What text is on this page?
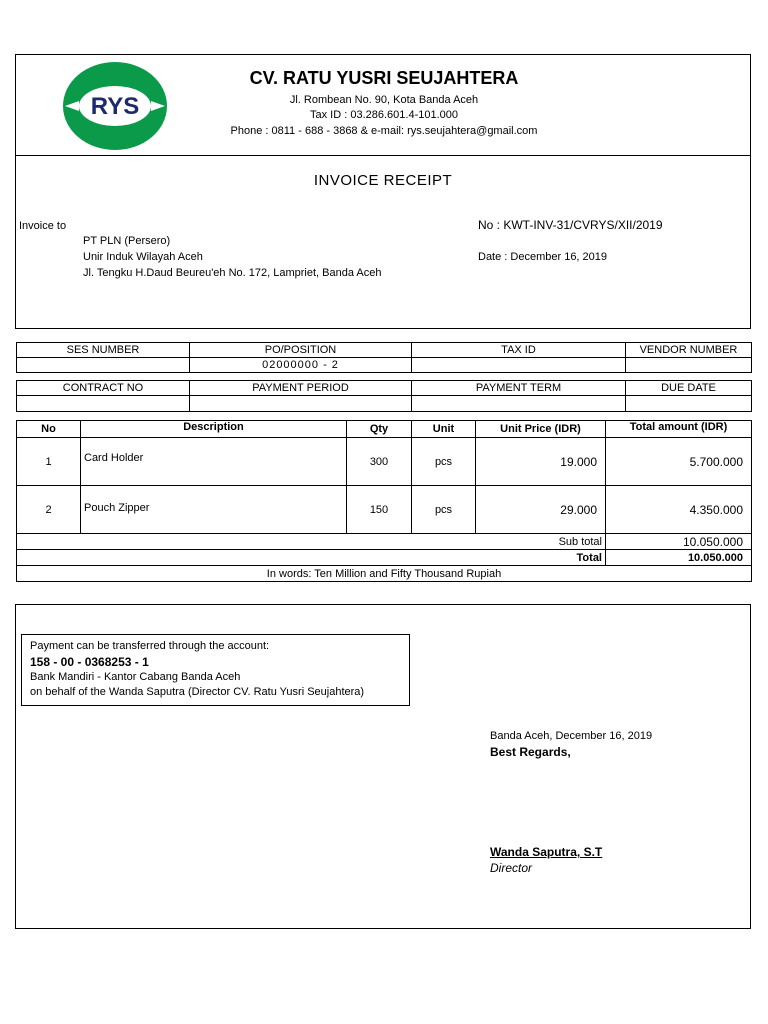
RYS
CV. RATU YUSRI SEUJAHTERA
Jl. Rombean No. 90, Kota Banda Aceh
Tax ID : 03.286.601.4-101.000
Phone : 0811 - 688 - 3868 & e-mail: rys.seujahtera@gmail.com
INVOICE RECEIPT
Invoice to
PT PLN (Persero)
Unir Induk Wilayah Aceh
Jl. Tengku H.Daud Beureu'eh No. 172, Lampriet, Banda Aceh
No : KWT-INV-31/CVRYS/XII/2019
Date : December 16, 2019
SES NUMBER	PO/POSITION	TAX ID	VENDOR NUMBER
	02000000 - 2		
CONTRACT NO	PAYMENT PERIOD	PAYMENT TERM	DUE DATE

No	Description	Qty	Unit	Unit Price (IDR)	Total amount (IDR)
1	Card Holder	300	pcs	19.000	5.700.000
2	Pouch Zipper	150	pcs	29.000	4.350.000
Sub total					10.050.000
Total					10.050.000
In words: Ten Million and Fifty Thousand Rupiah					
Payment can be transferred through the account:
158 - 00 - 0368253 - 1
Bank Mandiri - Kantor Cabang Banda Aceh
on behalf of the Wanda Saputra (Director CV. Ratu Yusri Seujahtera)
Banda Aceh, December 16, 2019
Best Regards,
Wanda Saputra, S.T
Director
